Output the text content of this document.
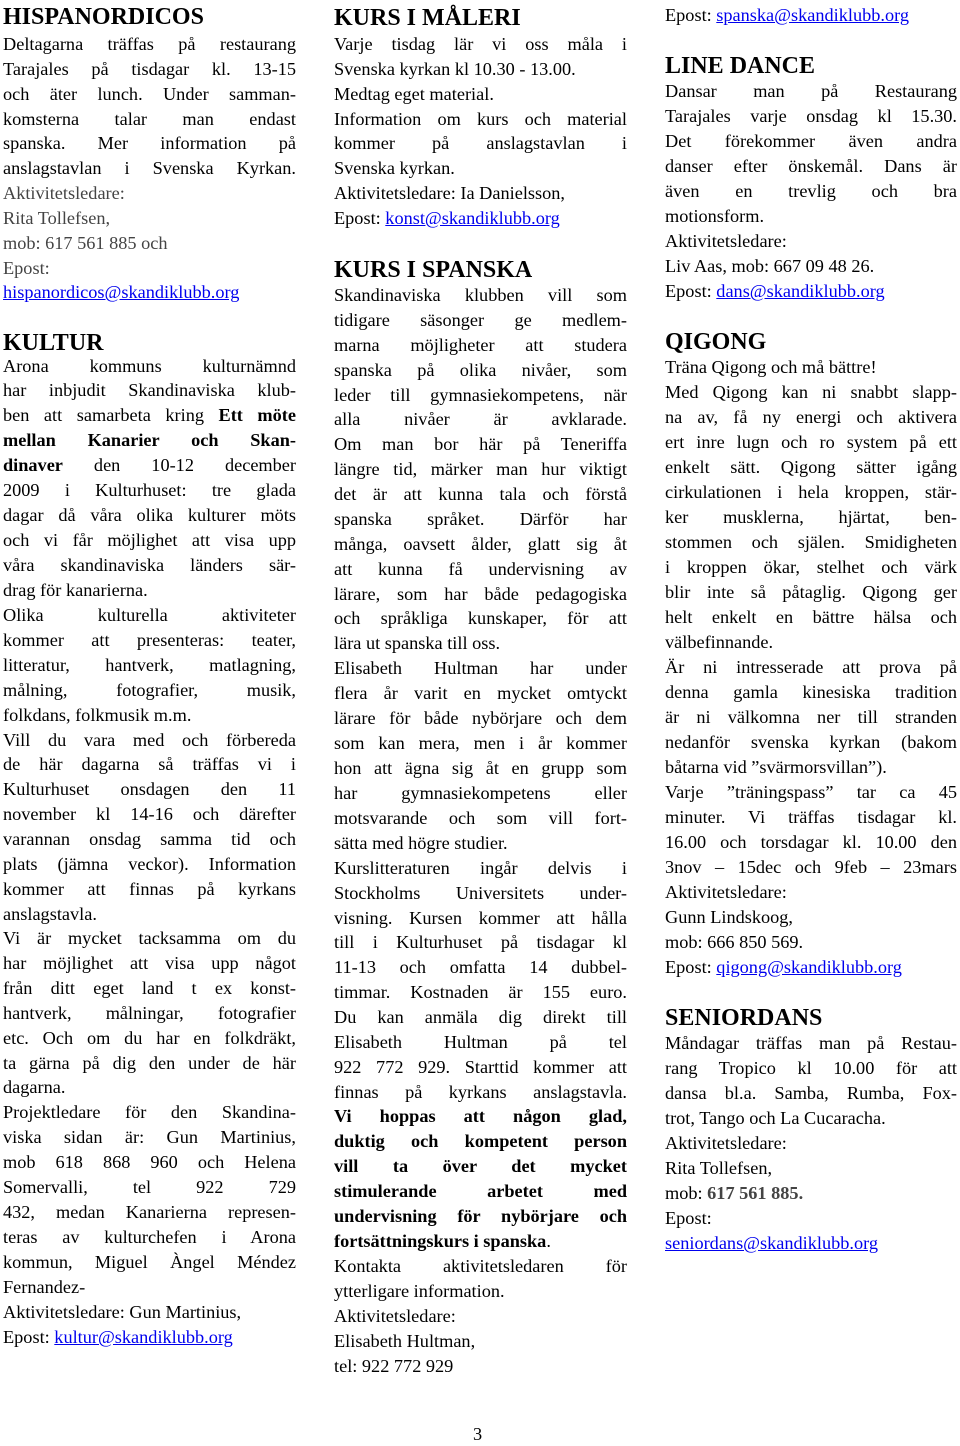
HISPANORDICOS
Deltagarna träffas på restaurang
Tarajales på tisdagar kl. 13-15
och äter lunch. Under samman-
komsterna talar man endast
spanska. Mer information på
anslagstavlan i Svenska Kyrkan.
Aktivitetsledare:
Rita Tollefsen,
mob: 617 561 885 och
Epost:
hispanordicos@skandiklubb.org
KULTUR
Arona kommuns kulturnämnd
har inbjudit Skandinaviska klub-
ben att samarbeta kring Ett möte
mellan Kanarier och Skan-
dinaver den 10-12 december
2009 i Kulturhuset: tre glada
dagar då våra olika kulturer möts
och vi får möjlighet att visa upp
våra skandinaviska länders sär-
drag för kanarierna.
Olika kulturella aktiviteter
kommer att presenteras: teater,
litteratur, hantverk, matlagning,
målning, fotografier, musik,
folkdans, folkmusik m.m.
Vill du vara med och förbereda
de här dagarna så träffas vi i
Kulturhuset onsdagen den 11
november kl 14-16 och därefter
varannan onsdag samma tid och
plats (jämna veckor). Information
kommer att finnas på kyrkans
anslagstavla.
Vi är mycket tacksamma om du
har möjlighet att visa upp något
från ditt eget land t ex konst-
hantverk, målningar, fotografier
etc. Och om du har en folkdräkt,
ta gärna på dig den under de här
dagarna.
Projektledare för den Skandina-
viska sidan är: Gun Martinius,
mob 618 868 960 och Helena
Somervalli, tel 922 729
432, medan Kanarierna represen-
teras av kulturchefen i Arona
kommun, Miguel Àngel Méndez
Fernandez-
Aktivitetsledare: Gun Martinius,
Epost: kultur@skandiklubb.org
KURS I MÅLERI
Varje tisdag lär vi oss måla i
Svenska kyrkan kl 10.30 - 13.00.
Medtag eget material.
Information om kurs och material
kommer på anslagstavlan i
Svenska kyrkan.
Aktivitetsledare: Ia Danielsson,
Epost: konst@skandiklubb.org
KURS I SPANSKA
Skandinaviska klubben vill som
tidigare säsonger ge medlem-
marna möjligheter att studera
spanska på olika nivåer, som
leder till gymnasiekompetens, när
alla nivåer är avklarade.
Om man bor här på Teneriffa
längre tid, märker man hur viktigt
det är att kunna tala och förstå
spanska språket. Därför har
många, oavsett ålder, glatt sig åt
att kunna få undervisning av
lärare, som har både pedagogiska
och språkliga kunskaper, för att
lära ut spanska till oss.
Elisabeth Hultman har under
flera år varit en mycket omtyckt
lärare för både nybörjare och dem
som kan mera, men i år kommer
hon att ägna sig åt en grupp som
har gymnasiekompetens eller
motsvarande och som vill fort-
sätta med högre studier.
Kurslitteraturen ingår delvis i
Stockholms Universitets under-
visning. Kursen kommer att hålla
till i Kulturhuset på tisdagar kl
11-13 och omfatta 14 dubbel-
timmar. Kostnaden är 155 euro.
Du kan anmäla dig direkt till
Elisabeth Hultman på tel
922 772 929. Starttid kommer att
finnas på kyrkans anslagstavla.
Vi hoppas att någon glad,
duktig och kompetent person
vill ta över det mycket
stimulerande arbetet med
undervisning för nybörjare och
fortsättningskurs i spanska.
Kontakta aktivitetsledaren för
ytterligare information.
Aktivitetsledare:
Elisabeth Hultman,
tel: 922 772 929
Epost: spanska@skandiklubb.org
LINE DANCE
Dansar man på Restaurang
Tarajales varje onsdag kl 15.30.
Det förekommer även andra
danser efter önskemål. Dans är
även en trevlig och bra
motionsform.
Aktivitetsledare:
Liv Aas, mob: 667 09 48 26.
Epost: dans@skandiklubb.org
QIGONG
Träna Qigong och må bättre!
Med Qigong kan ni snabbt slapp-
na av, få ny energi och aktivera
ert inre lugn och ro system på ett
enkelt sätt. Qigong sätter igång
cirkulationen i hela kroppen, stär-
ker musklerna, hjärtat, ben-
stommen och själen. Smidigheten
i kroppen ökar, stelhet och värk
blir inte så påtaglig. Qigong ger
helt enkelt en bättre hälsa och
välbefinnande.
Är ni intresserade att prova på
denna gamla kinesiska tradition
är ni välkomna ner till stranden
nedanför svenska kyrkan (bakom
båtarna vid ”svärmorsvillan”).
Varje ”träningspass” tar ca 45
minuter. Vi träffas tisdagar kl.
16.00 och torsdagar kl. 10.00 den
3nov – 15dec och 9feb – 23mars
Aktivitetsledare:
Gunn Lindskoog,
mob: 666 850 569.
Epost: qigong@skandiklubb.org
SENIORDANS
Måndagar träffas man på Restau-
rang Tropico kl 10.00 för att
dansa bl.a. Samba, Rumba, Fox-
trot, Tango och La Cucaracha.
Aktivitetsledare:
Rita Tollefsen,
mob: 617 561 885.
Epost:
seniordans@skandiklubb.org
3
